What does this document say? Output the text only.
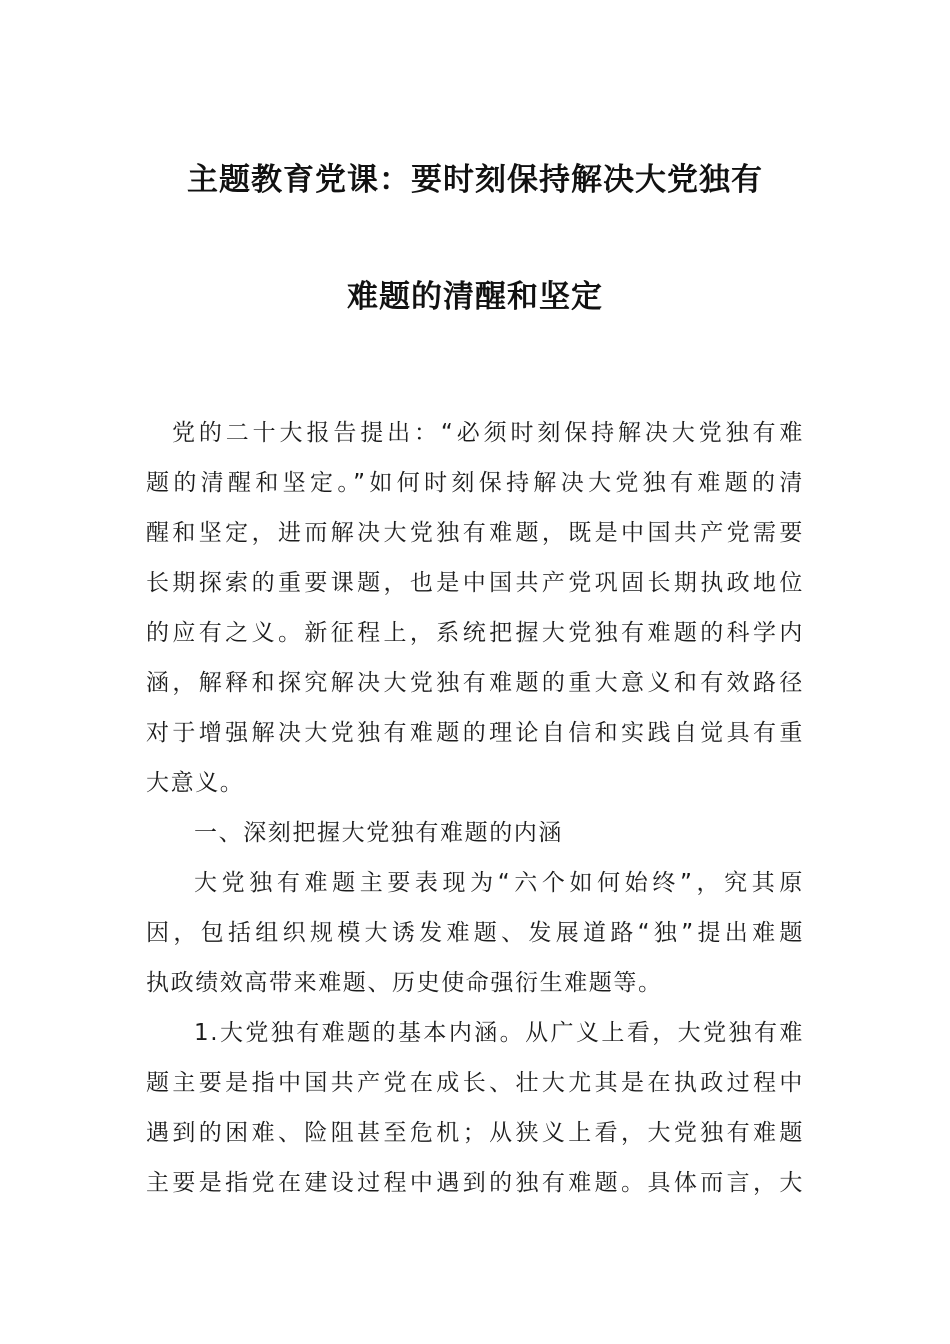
主题教育党课：要时刻保持解决大党独有
难题的清醒和坚定

党的二十大报告提出：“必须时刻保持解决大党独有难
题的清醒和坚定。”如何时刻保持解决大党独有难题的清
醒和坚定，进而解决大党独有难题，既是中国共产党需要
长期探索的重要课题，也是中国共产党巩固长期执政地位
的应有之义。新征程上，系统把握大党独有难题的科学内
涵，解释和探究解决大党独有难题的重大意义和有效路径
对于增强解决大党独有难题的理论自信和实践自觉具有重
大意义。

一、深刻把握大党独有难题的内涵

大党独有难题主要表现为“六个如何始终”，究其原
因，包括组织规模大诱发难题、发展道路“独”提出难题
执政绩效高带来难题、历史使命强衍生难题等。

1.大党独有难题的基本内涵。从广义上看，大党独有难
题主要是指中国共产党在成长、壮大尤其是在执政过程中
遇到的困难、险阻甚至危机；从狭义上看，大党独有难题
主要是指党在建设过程中遇到的独有难题。具体而言，大
